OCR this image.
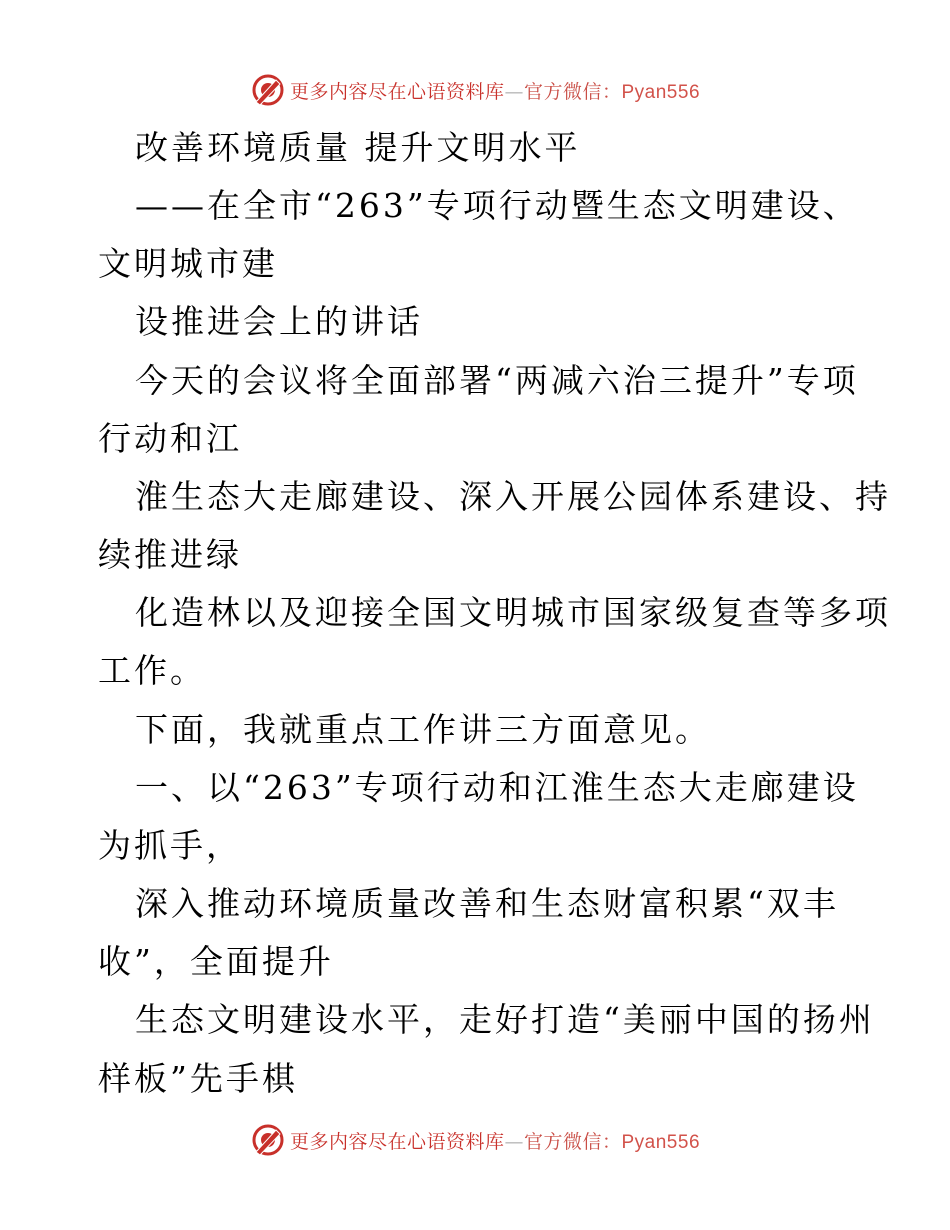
更多内容尽在心语资料库—官方微信：Pyan556
改善环境质量 提升文明水平
——在全市“263”专项行动暨生态文明建设、
文明城市建
设推进会上的讲话
今天的会议将全面部署“两减六治三提升”专项
行动和江
淮生态大走廊建设、深入开展公园体系建设、持
续推进绿
化造林以及迎接全国文明城市国家级复查等多项
工作。
下面，我就重点工作讲三方面意见。
一、以“263”专项行动和江淮生态大走廊建设
为抓手，
深入推动环境质量改善和生态财富积累“双丰
收”，全面提升
生态文明建设水平，走好打造“美丽中国的扬州
样板”先手棋
更多内容尽在心语资料库—官方微信：Pyan556
